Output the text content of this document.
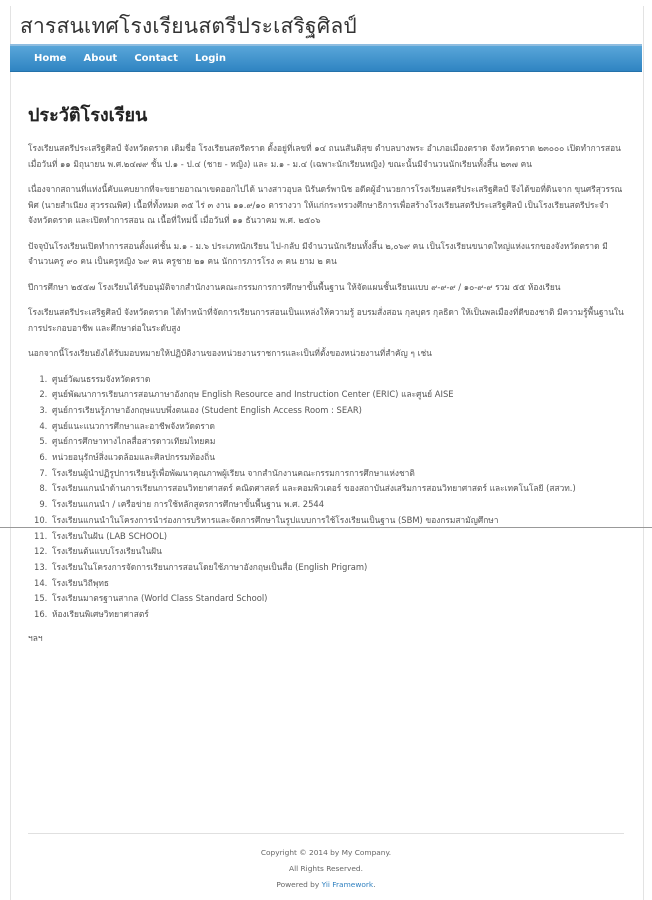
สารสนเทศโรงเรียนสตรีประเสริฐศิลป์
Home About Contact Login
ประวัติโรงเรียน

โรงเรียนสตรีประเสริฐศิลป์ จังหวัดตราด เดิมชื่อ โรงเรียนสตรีตราด ตั้งอยู่ที่เลขที่ ๑๔ ถนนสันติสุข ตำบลบางพระ อำเภอเมืองตราด จังหวัดตราด ๒๓๐๐๐ เปิดทำการสอน เมื่อวันที่ ๑๑ มิถุนายน พ.ศ.๒๔๗๙ ชั้น ป.๑ - ป.๔ (ชาย - หญิง) และ ม.๑ - ม.๔ (เฉพาะนักเรียนหญิง) ขณะนั้นมีจำนวนนักเรียนทั้งสิ้น ๒๓๗ คน

เนื่องจากสถานที่แห่งนี้คับแคบยากที่จะขยายอาณาเขตออกไปได้ นางสาวอุบล นิรันดร์พานิช อดีตผู้อำนวยการโรงเรียนสตรีประเสริฐศิลป์ จึงได้ขอที่ดินจาก ขุนศรีสุวรรณพิศ (นายสำเนียง สุวรรณพิศ) เนื้อที่ทั้งหมด ๓๕ ไร่ ๓ งาน ๑๑.๙/๑๐ ตารางวา ให้แก่กระทรวงศึกษาธิการเพื่อสร้างโรงเรียนสตรีประเสริฐศิลป์ เป็นโรงเรียนสตรีประจำจังหวัดตราด และเปิดทำการสอน ณ เนื้อที่ใหม่นี้ เมื่อวันที่ ๑๑ ธันวาคม พ.ศ. ๒๕๐๖

ปัจจุบันโรงเรียนเปิดทำการสอนตั้งแต่ชั้น ม.๑ - ม.๖ ประเภทนักเรียน ไป-กลับ มีจำนวนนักเรียนทั้งสิ้น ๒,๐๖๙ คน เป็นโรงเรียนขนาดใหญ่แห่งแรกของจังหวัดตราด มีจำนวนครู ๙๐ คน เป็นครูหญิง ๖๙ คน ครูชาย ๒๑ คน นักการภารโรง ๓ คน ยาม ๒ คน

ปีการศึกษา ๒๕๕๗ โรงเรียนได้รับอนุมัติจากสำนักงานคณะกรรมการการศึกษาขั้นพื้นฐาน ให้จัดแผนชั้นเรียนแบบ ๙-๙-๙ / ๑๐-๙-๙ รวม ๕๕ ห้องเรียน

โรงเรียนสตรีประเสริฐศิลป์ จังหวัดตราด ได้ทำหน้าที่จัดการเรียนการสอนเป็นแหล่งให้ความรู้ อบรมสั่งสอน กุลบุตร กุลธิดา ให้เป็นพลเมืองที่ดีของชาติ มีความรู้พื้นฐานในการประกอบอาชีพ และศึกษาต่อในระดับสูง

นอกจากนี้โรงเรียนยังได้รับมอบหมายให้ปฏิบัติงานของหน่วยงานราชการและเป็นที่ตั้งของหน่วยงานที่สำคัญ ๆ เช่น

1. ศูนย์วัฒนธรรมจังหวัดตราด
2. ศูนย์พัฒนาการเรียนการสอนภาษาอังกฤษ English Resource and Instruction Center (ERIC) และศูนย์ AISE
3. ศูนย์การเรียนรู้ภาษาอังกฤษแบบพึ่งตนเอง (Student English Access Room : SEAR)
4. ศูนย์แนะแนวการศึกษาและอาชีพจังหวัดตราด
5. ศูนย์การศึกษาทางไกลสื่อสารดาวเทียมไทยคม
6. หน่วยอนุรักษ์สิ่งแวดล้อมและศิลปกรรมท้องถิ่น
7. โรงเรียนผู้นำปฏิรูปการเรียนรู้เพื่อพัฒนาคุณภาพผู้เรียน จากสำนักงานคณะกรรมการการศึกษาแห่งชาติ
8. โรงเรียนแกนนำด้านการเรียนการสอนวิทยาศาสตร์ คณิตศาสตร์ และคอมพิวเตอร์ ของสถาบันส่งเสริมการสอนวิทยาศาสตร์ และเทคโนโลยี (สสวท.)
9. โรงเรียนแกนนำ / เครือข่าย การใช้หลักสูตรการศึกษาขั้นพื้นฐาน พ.ศ. 2544
10. โรงเรียนแกนนำในโครงการนำร่องการบริหารและจัดการศึกษาในรูปแบบการใช้โรงเรียนเป็นฐาน (SBM) ของกรมสามัญศึกษา
11. โรงเรียนในฝัน (LAB SCHOOL)
12. โรงเรียนต้นแบบโรงเรียนในฝัน
13. โรงเรียนในโครงการจัดการเรียนการสอนโดยใช้ภาษาอังกฤษเป็นสื่อ (English Prigram)
14. โรงเรียนวิถีพุทธ
15. โรงเรียนมาตรฐานสากล (World Class Standard School)
16. ห้องเรียนพิเศษวิทยาศาสตร์
ฯลฯ
Copyright © 2014 by My Company.
All Rights Reserved.
Powered by Yii Framework.
